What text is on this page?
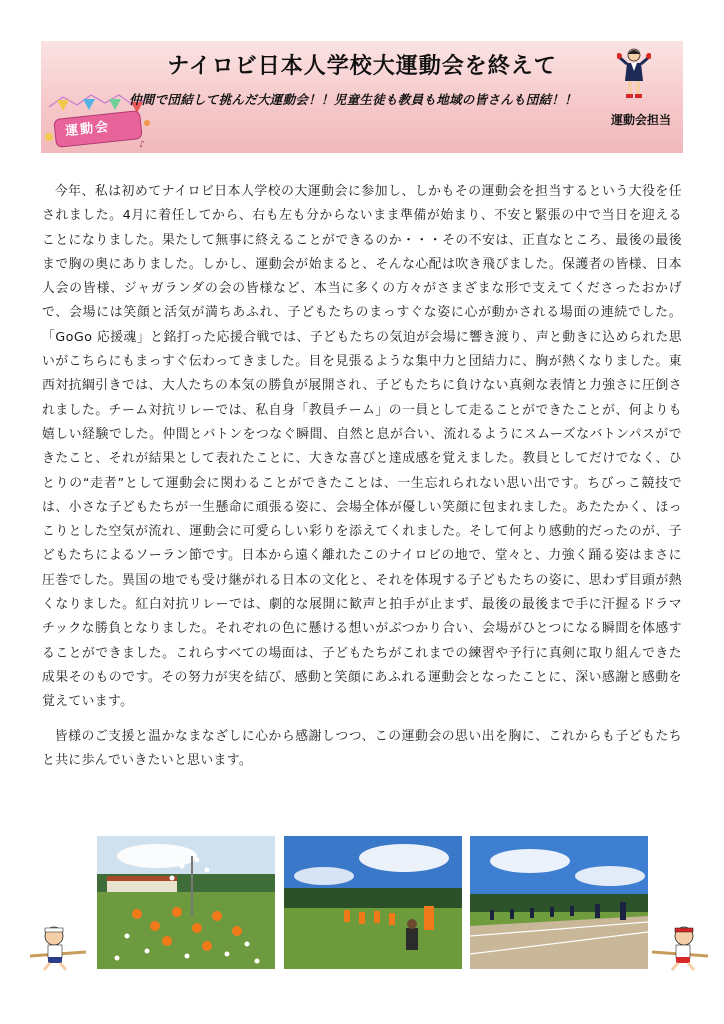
ナイロビ日本人学校大運動会を終えて
♪
運動会
仲間で団結して挑んだ大運動会！！児童生徒も教員も地域の皆さんも団結！！
運動会担当

今年、私は初めてナイロビ日本人学校の大運動会に参加し、しかもその運動会を担当するという大役を任されました。4月に着任してから、右も左も分からないまま準備が始まり、不安と緊張の中で当日を迎えることになりました。果たして無事に終えることができるのか・・・その不安は、正直なところ、最後の最後まで胸の奥にありました。しかし、運動会が始まると、そんな心配は吹き飛びました。保護者の皆様、日本人会の皆様、ジャガランダの会の皆様など、本当に多くの方々がさまざまな形で支えてくださったおかげで、会場には笑顔と活気が満ちあふれ、子どもたちのまっすぐな姿に心が動かされる場面の連続でした。「GoGo 応援魂」と銘打った応援合戦では、子どもたちの気迫が会場に響き渡り、声と動きに込められた思いがこちらにもまっすぐ伝わってきました。目を見張るような集中力と団結力に、胸が熱くなりました。東西対抗綱引きでは、大人たちの本気の勝負が展開され、子どもたちに負けない真剣な表情と力強さに圧倒されました。チーム対抗リレーでは、私自身「教員チーム」の一員として走ることができたことが、何よりも嬉しい経験でした。仲間とバトンをつなぐ瞬間、自然と息が合い、流れるようにスムーズなバトンパスができたこと、それが結果として表れたことに、大きな喜びと達成感を覚えました。教員としてだけでなく、ひとりの“走者”として運動会に関わることができたことは、一生忘れられない思い出です。ちびっこ競技では、小さな子どもたちが一生懸命に頑張る姿に、会場全体が優しい笑顔に包まれました。あたたかく、ほっこりとした空気が流れ、運動会に可愛らしい彩りを添えてくれました。そして何より感動的だったのが、子どもたちによるソーラン節です。日本から遠く離れたこのナイロビの地で、堂々と、力強く踊る姿はまさに圧巻でした。異国の地でも受け継がれる日本の文化と、それを体現する子どもたちの姿に、思わず目頭が熱くなりました。紅白対抗リレーでは、劇的な展開に歓声と拍手が止まず、最後の最後まで手に汗握るドラマチックな勝負となりました。それぞれの色に懸ける想いがぶつかり合い、会場がひとつになる瞬間を体感することができました。これらすべての場面は、子どもたちがこれまでの練習や予行に真剣に取り組んできた成果そのものです。その努力が実を結び、感動と笑顔にあふれる運動会となったことに、深い感謝と感動を覚えています。

皆様のご支援と温かなまなざしに心から感謝しつつ、この運動会の思い出を胸に、これからも子どもたちと共に歩んでいきたいと思います。
